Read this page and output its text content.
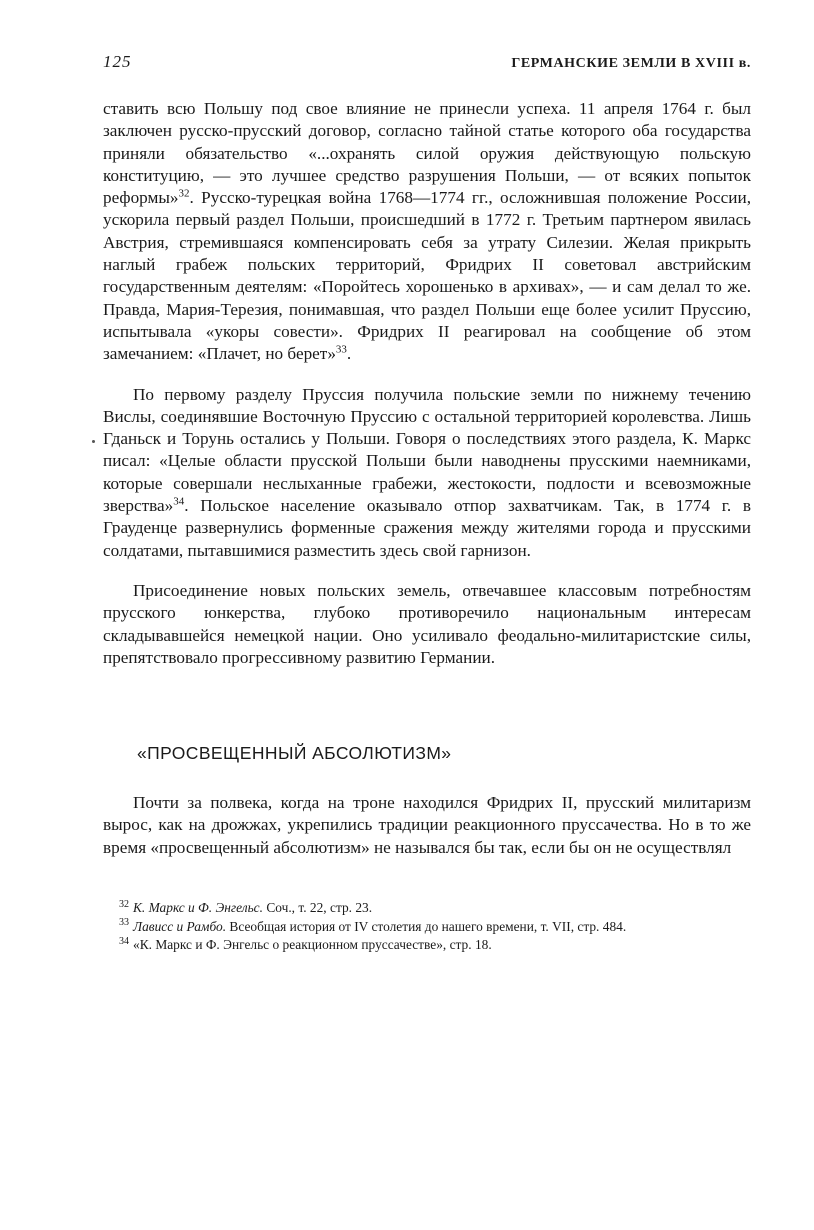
125	ГЕРМАНСКИЕ ЗЕМЛИ В XVIII в.

ставить всю Польшу под свое влияние не принесли успеха. 11 апреля 1764 г. был заключен русско-прусский договор, согласно тайной статье которого оба государства приняли обязательство «...охранять силой оружия действующую польскую конституцию, — это лучшее средство разрушения Польши, — от всяких попыток реформы»$^{32}$. Русско-турецкая война 1768—1774 гг., осложнившая положение России, ускорила первый раздел Польши, происшедший в 1772 г. Третьим партнером явилась Австрия, стремившаяся компенсировать себя за утрату Силезии. Желая прикрыть наглый грабеж польских территорий, Фридрих II советовал австрийским государственным деятелям: «Поройтесь хорошенько в архивах», — и сам делал то же. Правда, Мария-Терезия, понимавшая, что раздел Польши еще более усилит Пруссию, испытывала «укоры совести». Фридрих II реагировал на сообщение об этом замечанием: «Плачет, но берет»$^{33}$.

По первому разделу Пруссия получила польские земли по нижнему течению Вислы, соединявшие Восточную Пруссию с остальной территорией королевства. Лишь Гданьск и Торунь остались у Польши. Говоря о последствиях этого раздела, К. Маркс писал: «Целые области прусской Польши были наводнены прусскими наемниками, которые совершали неслыханные грабежи, жестокости, подлости и всевозможные зверства»$^{34}$. Польское население оказывало отпор захватчикам. Так, в 1774 г. в Грауденце развернулись форменные сражения между жителями города и прусскими солдатами, пытавшимися разместить здесь свой гарнизон.

Присоединение новых польских земель, отвечавшее классовым потребностям прусского юнкерства, глубоко противоречило национальным интересам складывавшейся немецкой нации. Оно усиливало феодально-милитаристские силы, препятствовало прогрессивному развитию Германии.

«ПРОСВЕЩЕННЫЙ АБСОЛЮТИЗМ»

Почти за полвека, когда на троне находился Фридрих II, прусский милитаризм вырос, как на дрожжах, укрепились традиции реакционного пруссачества. Но в то же время «просвещенный абсолютизм» не назывался бы так, если бы он не осуществлял

32 К. Маркс и Ф. Энгельс. Соч., т. 22, стр. 23.

33 Лависс и Рамбо. Всеобщая история от IV столетия до нашего времени, т. VII, стр. 484.

34 «К. Маркс и Ф. Энгельс о реакционном пруссачестве», стр. 18.
